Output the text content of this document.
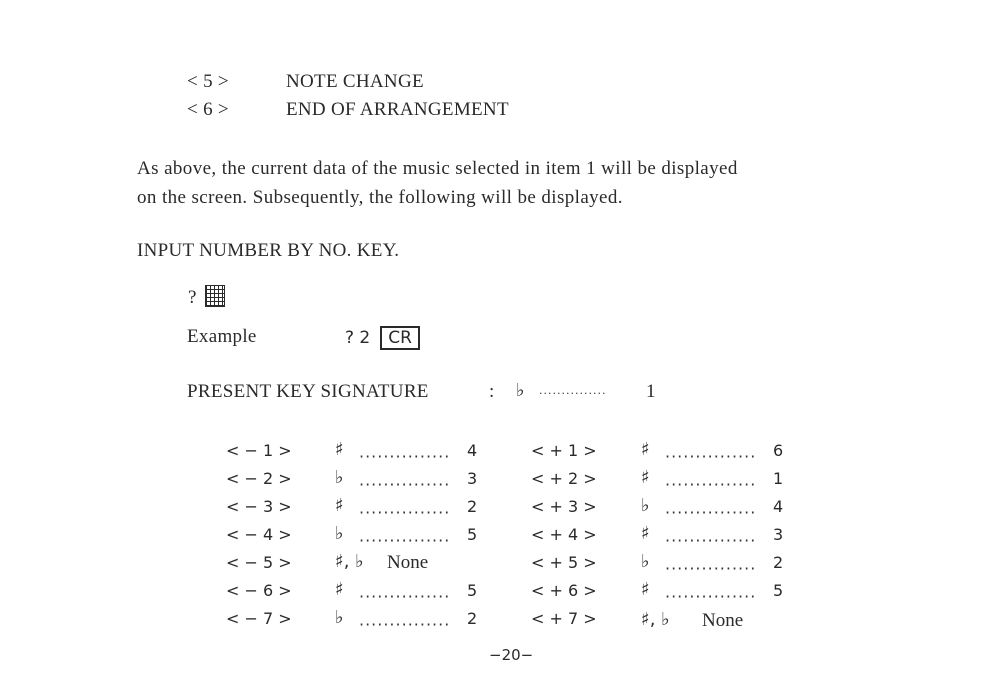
< 5 >	NOTE CHANGE
< 6 >	END OF ARRANGEMENT
As above, the current data of the music selected in item 1 will be displayed
on the screen. Subsequently, the following will be displayed.
INPUT NUMBER BY NO. KEY.
?
Example	? 2 CR
PRESENT KEY SIGNATURE	: ♭ ··············· 1
< − 1 > ♯ ··············· 4
< − 2 > ♭ ··············· 3
< − 3 > ♯ ··············· 2
< − 4 > ♭ ··············· 5
< − 5 > ♯, ♭ None
< − 6 > ♯ ··············· 5
< − 7 > ♭ ··············· 2
< + 1 > ♯ ··············· 6
< + 2 > ♯ ··············· 1
< + 3 > ♭ ··············· 4
< + 4 > ♯ ··············· 3
< + 5 > ♭ ··············· 2
< + 6 > ♯ ··············· 5
< + 7 > ♯, ♭ None
−20−
